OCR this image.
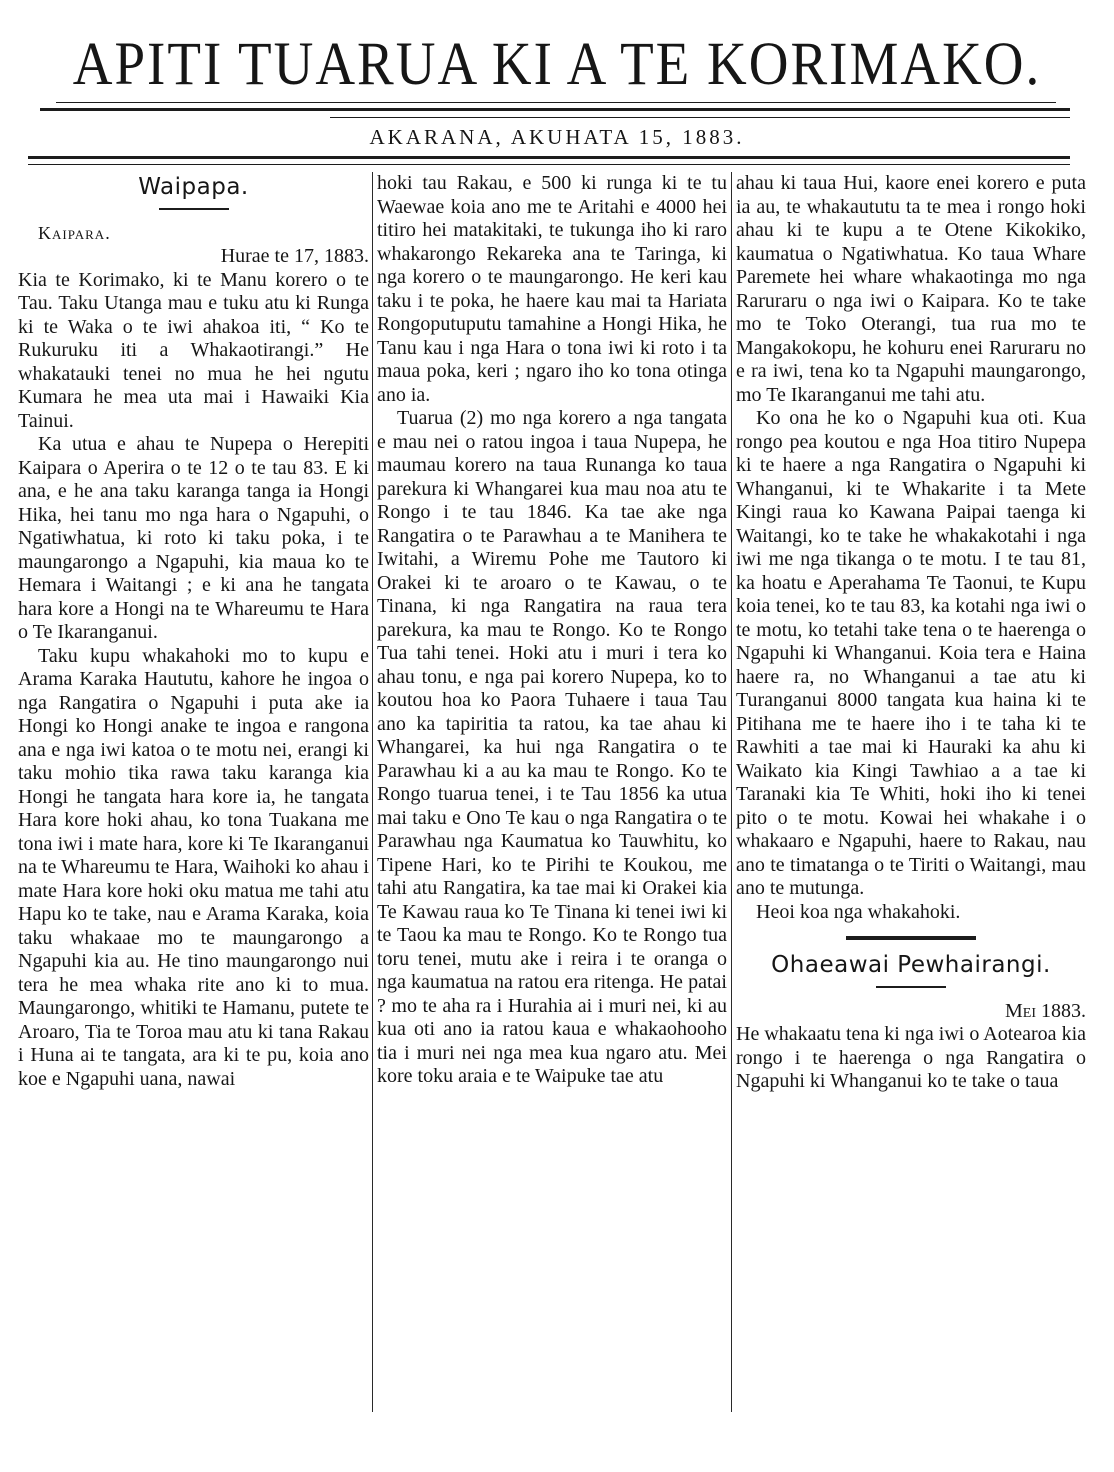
APITI TUARUA KI A TE KORIMAKO.
AKARANA, AKUHATA 15, 1883.
Waipapa.

Kaipara.

Hurae te 17, 1883.

Kia te Korimako, ki te Manu korero o te Tau. Taku Utanga mau e tuku atu ki Runga ki te Waka o te iwi ahakoa iti, “ Ko te Rukuruku iti a Whakaotirangi.” He whakatauki tenei no mua he hei ngutu Kumara he mea uta mai i Hawaiki Kia Tainui.

Ka utua e ahau te Nupepa o Herepiti Kaipara o Aperira o te 12 o te tau 83. E ki ana, e he ana taku karanga tanga ia Hongi Hika, hei tanu mo nga hara o Ngapuhi, o Ngatiwhatua, ki roto ki taku poka, i te maungarongo a Ngapuhi, kia maua ko te Hemara i Waitangi ; e ki ana he tangata hara kore a Hongi na te Whareumu te Hara o Te Ikaranganui.

Taku kupu whakahoki mo to kupu e Arama Karaka Haututu, kahore he ingoa o nga Rangatira o Ngapuhi i puta ake ia Hongi ko Hongi anake te ingoa e rangona ana e nga iwi katoa o te motu nei, erangi ki taku mohio tika rawa taku karanga kia Hongi he tangata hara kore ia, he tangata Hara kore hoki ahau, ko tona Tuakana me tona iwi i mate hara, kore ki Te Ikaranganui na te Whareumu te Hara, Waihoki ko ahau i mate Hara kore hoki oku matua me tahi atu Hapu ko te take, nau e Arama Karaka, koia taku whakaae mo te maungarongo a Ngapuhi kia au. He tino maungarongo nui tera he mea whaka rite ano ki to mua. Maungarongo, whitiki te Hamanu, putete te Aroaro, Tia te Toroa mau atu ki tana Rakau i Huna ai te tangata, ara ki te pu, koia ano koe e Ngapuhi uana, nawai

hoki tau Rakau, e 500 ki runga ki te tu Waewae koia ano me te Aritahi e 4000 hei titiro hei matakitaki, te tukunga iho ki raro whakarongo Rekareka ana te Taringa, ki nga korero o te maungarongo. He keri kau taku i te poka, he haere kau mai ta Hariata Rongoputuputu tamahine a Hongi Hika, he Tanu kau i nga Hara o tona iwi ki roto i ta maua poka, keri ; ngaro iho ko tona otinga ano ia.

Tuarua (2) mo nga korero a nga tangata e mau nei o ratou ingoa i taua Nupepa, he maumau korero na taua Runanga ko taua parekura ki Whangarei kua mau noa atu te Rongo i te tau 1846. Ka tae ake nga Rangatira o te Parawhau a te Manihera te Iwitahi, a Wiremu Pohe me Tautoro ki Orakei ki te aroaro o te Kawau, o te Tinana, ki nga Rangatira na raua tera parekura, ka mau te Rongo. Ko te Rongo Tua tahi tenei. Hoki atu i muri i tera ko ahau tonu, e nga pai korero Nupepa, ko to koutou hoa ko Paora Tuhaere i taua Tau ano ka tapiritia ta ratou, ka tae ahau ki Whangarei, ka hui nga Rangatira o te Parawhau ki a au ka mau te Rongo. Ko te Rongo tuarua tenei, i te Tau 1856 ka utua mai taku e Ono Te kau o nga Rangatira o te Parawhau nga Kaumatua ko Tauwhitu, ko Tipene Hari, ko te Pirihi te Koukou, me tahi atu Rangatira, ka tae mai ki Orakei kia Te Kawau raua ko Te Tinana ki tenei iwi ki te Taou ka mau te Rongo. Ko te Rongo tua toru tenei, mutu ake i reira i te oranga o nga kaumatua na ratou era ritenga. He patai ? mo te aha ra i Hurahia ai i muri nei, ki au kua oti ano ia ratou kaua e whakaohooho tia i muri nei nga mea kua ngaro atu. Mei kore toku araia e te Waipuke tae atu

ahau ki taua Hui, kaore enei korero e puta ia au, te whakaututu ta te mea i rongo hoki ahau ki te kupu a te Otene Kikokiko, kaumatua o Ngatiwhatua. Ko taua Whare Paremete hei whare whakaotinga mo nga Raruraru o nga iwi o Kaipara. Ko te take mo te Toko Oterangi, tua rua mo te Mangakokopu, he kohuru enei Raruraru no e ra iwi, tena ko ta Ngapuhi maungarongo, mo Te Ikaranganui me tahi atu.

Ko ona he ko o Ngapuhi kua oti. Kua rongo pea koutou e nga Hoa titiro Nupepa ki te haere a nga Rangatira o Ngapuhi ki Whanganui, ki te Whakarite i ta Mete Kingi raua ko Kawana Paipai taenga ki Waitangi, ko te take he whakakotahi i nga iwi me nga tikanga o te motu. I te tau 81, ka hoatu e Aperahama Te Taonui, te Kupu koia tenei, ko te tau 83, ka kotahi nga iwi o te motu, ko tetahi take tena o te haerenga o Ngapuhi ki Whanganui. Koia tera e Haina haere ra, no Whanganui a tae atu ki Turanganui 8000 tangata kua haina ki te Pitihana me te haere iho i te taha ki te Rawhiti a tae mai ki Hauraki ka ahu ki Waikato kia Kingi Tawhiao a a tae ki Taranaki kia Te Whiti, hoki iho ki tenei pito o te motu. Kowai hei whakahe i o whakaaro e Ngapuhi, haere to Rakau, nau ano te timatanga o te Tiriti o Waitangi, mau ano te mutunga.

Heoi koa nga whakahoki.

Ohaeawai Pewhairangi.

Mei 1883.

He whakaatu tena ki nga iwi o Aotearoa kia rongo i te haerenga o nga Rangatira o Ngapuhi ki Whanganui ko te take o taua
